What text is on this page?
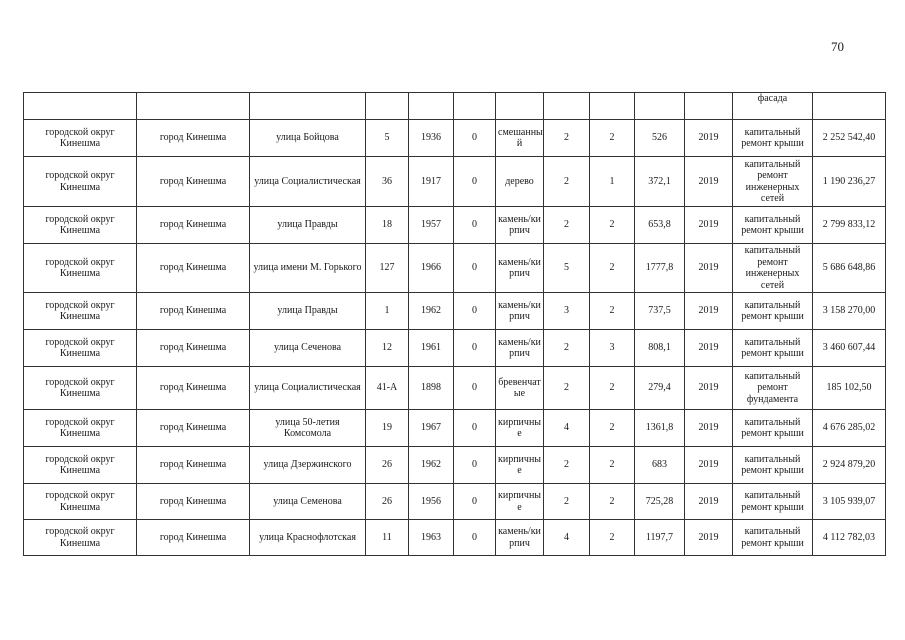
70
											фасада	
городской округ Кинешма	город Кинешма	улица Бойцова	5	1936	0	смешанны й	2	2	526	2019	капитальный ремонт крыши	2 252 542,40
городской округ Кинешма	город Кинешма	улица Социалистическая	36	1917	0	дерево	2	1	372,1	2019	капитальный ремонт инженерных сетей	1 190 236,27
городской округ Кинешма	город Кинешма	улица Правды	18	1957	0	камень/ки рпич	2	2	653,8	2019	капитальный ремонт крыши	2 799 833,12
городской округ Кинешма	город Кинешма	улица имени М. Горького	127	1966	0	камень/ки рпич	5	2	1777,8	2019	капитальный ремонт инженерных сетей	5 686 648,86
городской округ Кинешма	город Кинешма	улица Правды	1	1962	0	камень/ки рпич	3	2	737,5	2019	капитальный ремонт крыши	3 158 270,00
городской округ Кинешма	город Кинешма	улица Сеченова	12	1961	0	камень/ки рпич	2	3	808,1	2019	капитальный ремонт крыши	3 460 607,44
городской округ Кинешма	город Кинешма	улица Социалистическая	41-А	1898	0	бревенчат ые	2	2	279,4	2019	капитальный ремонт фундамента	185 102,50
городской округ Кинешма	город Кинешма	улица 50-летия Комсомола	19	1967	0	кирпичны е	4	2	1361,8	2019	капитальный ремонт крыши	4 676 285,02
городской округ Кинешма	город Кинешма	улица Дзержинского	26	1962	0	кирпичны е	2	2	683	2019	капитальный ремонт крыши	2 924 879,20
городской округ Кинешма	город Кинешма	улица Семенова	26	1956	0	кирпичны е	2	2	725,28	2019	капитальный ремонт крыши	3 105 939,07
городской округ Кинешма	город Кинешма	улица Краснофлотская	11	1963	0	камень/ки рпич	4	2	1197,7	2019	капитальный ремонт крыши	4 112 782,03
